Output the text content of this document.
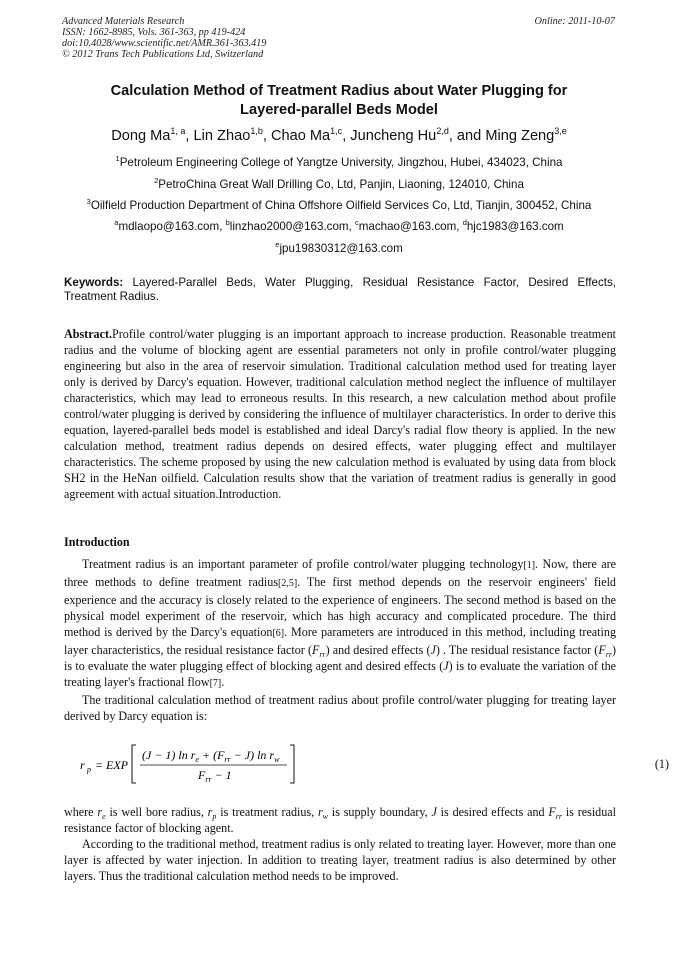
Advanced Materials Research
ISSN: 1662-8985, Vols. 361-363, pp 419-424
doi:10.4028/www.scientific.net/AMR.361-363.419
© 2012 Trans Tech Publications Ltd, Switzerland
Online: 2011-10-07
Calculation Method of Treatment Radius about Water Plugging for
Layered-parallel Beds Model
Dong Ma$^{1, a}$, Lin Zhao$^{1,b}$, Chao Ma$^{1,c}$, Juncheng Hu$^{2,d}$, and Ming Zeng$^{3,e}$
$^1$Petroleum Engineering College of Yangtze University, Jingzhou, Hubei, 434023, China
$^2$PetroChina Great Wall Drilling Co, Ltd, Panjin, Liaoning, 124010, China
$^3$Oilfield Production Department of China Offshore Oilfield Services Co, Ltd, Tianjin, 300452, China
$^a$mdlaopo@163.com, $^b$linzhao2000@163.com, $^c$machao@163.com, $^d$hjc1983@163.com
$^e$jpu19830312@163.com
Keywords: Layered-Parallel Beds, Water Plugging, Residual Resistance Factor, Desired Effects, Treatment Radius.
Abstract.Profile control/water plugging is an important approach to increase production. Reasonable treatment radius and the volume of blocking agent are essential parameters not only in profile control/water plugging engineering but also in the area of reservoir simulation. Traditional calculation method used for treating layer only is derived by Darcy's equation. However, traditional calculation method neglect the influence of multilayer characteristics, which may lead to erroneous results. In this research, a new calculation method about profile control/water plugging is derived by considering the influence of multilayer characteristics. In order to derive this equation, layered-parallel beds model is established and ideal Darcy's radial flow theory is applied. In the new calculation method, treatment radius depends on desired effects, water plugging effect and multilayer characteristics. The scheme proposed by using the new calculation method is evaluated by using data from block SH2 in the HeNan oilfield. Calculation results show that the variation of treatment radius is generally in good agreement with actual situation.Introduction.
Introduction

Treatment radius is an important parameter of profile control/water plugging technology[1]. Now, there are three methods to define treatment radius[2,5]. The first method depends on the reservoir engineers' field experience and the accuracy is closely related to the experience of engineers. The second method is based on the physical model experiment of the reservoir, which has high accuracy and complicated procedure. The third method is derived by the Darcy's equation[6]. More parameters are introduced in this method, including treating layer characteristics, the residual resistance factor $(F_{rr})$ and desired effects (J) . The residual resistance factor $(F_{rr})$ is to evaluate the water plugging effect of blocking agent and desired effects (J) is to evaluate the variation of the treating layer's fractional flow[7].

The traditional calculation method of treatment radius about profile control/water plugging for treating layer derived by Darcy equation is:

r p = EXP
(J − 1) $\ln r_e + (F_{rr} - J)$ $\ln r_w$
$F_{rr} - 1$
(1)

where $r_e$ is well bore radius, $r_p$ is treatment radius, $r_w$ is supply boundary, J is desired effects and $F_{rr}$ is residual resistance factor of blocking agent.

According to the traditional method, treatment radius is only related to treating layer. However, more than one layer is affected by water injection. In addition to treating layer, treatment radius is also determined by other layers. Thus the traditional calculation method needs to be improved.
